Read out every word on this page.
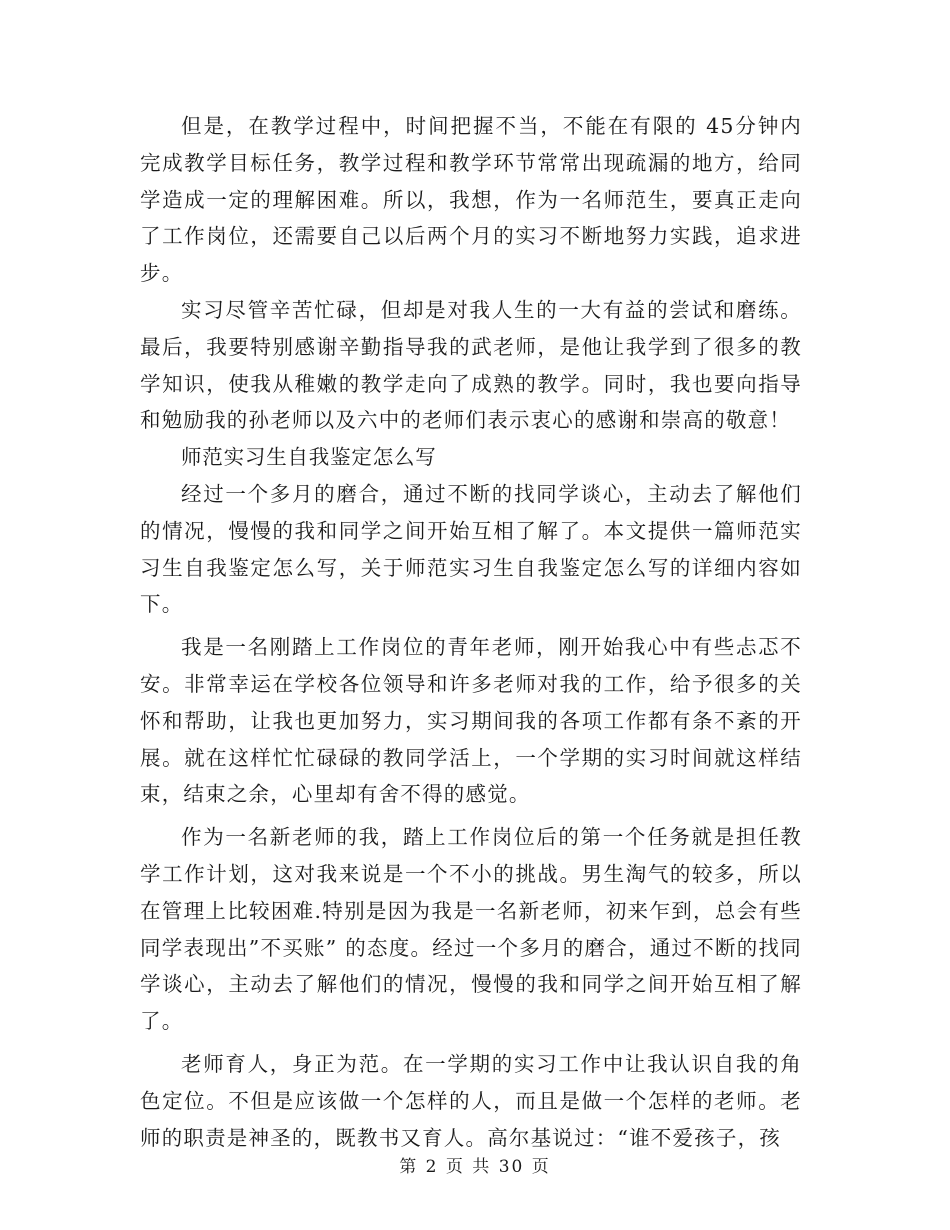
但是，在教学过程中，时间把握不当，不能在有限的 45分钟内完成教学目标任务，教学过程和教学环节常常出现疏漏的地方，给同学造成一定的理解困难。所以，我想，作为一名师范生，要真正走向了工作岗位，还需要自己以后两个月的实习不断地努力实践，追求进步。

实习尽管辛苦忙碌，但却是对我人生的一大有益的尝试和磨练。最后，我要特别感谢辛勤指导我的武老师，是他让我学到了很多的教学知识，使我从稚嫩的教学走向了成熟的教学。同时，我也要向指导和勉励我的孙老师以及六中的老师们表示衷心的感谢和崇高的敬意！

师范实习生自我鉴定怎么写

经过一个多月的磨合，通过不断的找同学谈心，主动去了解他们的情况，慢慢的我和同学之间开始互相了解了。本文提供一篇师范实习生自我鉴定怎么写，关于师范实习生自我鉴定怎么写的详细内容如下。

我是一名刚踏上工作岗位的青年老师，刚开始我心中有些忐忑不安。非常幸运在学校各位领导和许多老师对我的工作，给予很多的关怀和帮助，让我也更加努力，实习期间我的各项工作都有条不紊的开展。就在这样忙忙碌碌的教同学活上，一个学期的实习时间就这样结束，结束之余，心里却有舍不得的感觉。

作为一名新老师的我，踏上工作岗位后的第一个任务就是担任教学工作计划，这对我来说是一个不小的挑战。男生淘气的较多，所以在管理上比较困难.特别是因为我是一名新老师，初来乍到，总会有些同学表现出”不买账” 的态度。经过一个多月的磨合，通过不断的找同学谈心，主动去了解他们的情况，慢慢的我和同学之间开始互相了解了。

老师育人，身正为范。在一学期的实习工作中让我认识自我的角色定位。不但是应该做一个怎样的人，而且是做一个怎样的老师。老师的职责是神圣的，既教书又育人。高尔基说过：“谁不爱孩子，孩

第 2 页 共 30 页
